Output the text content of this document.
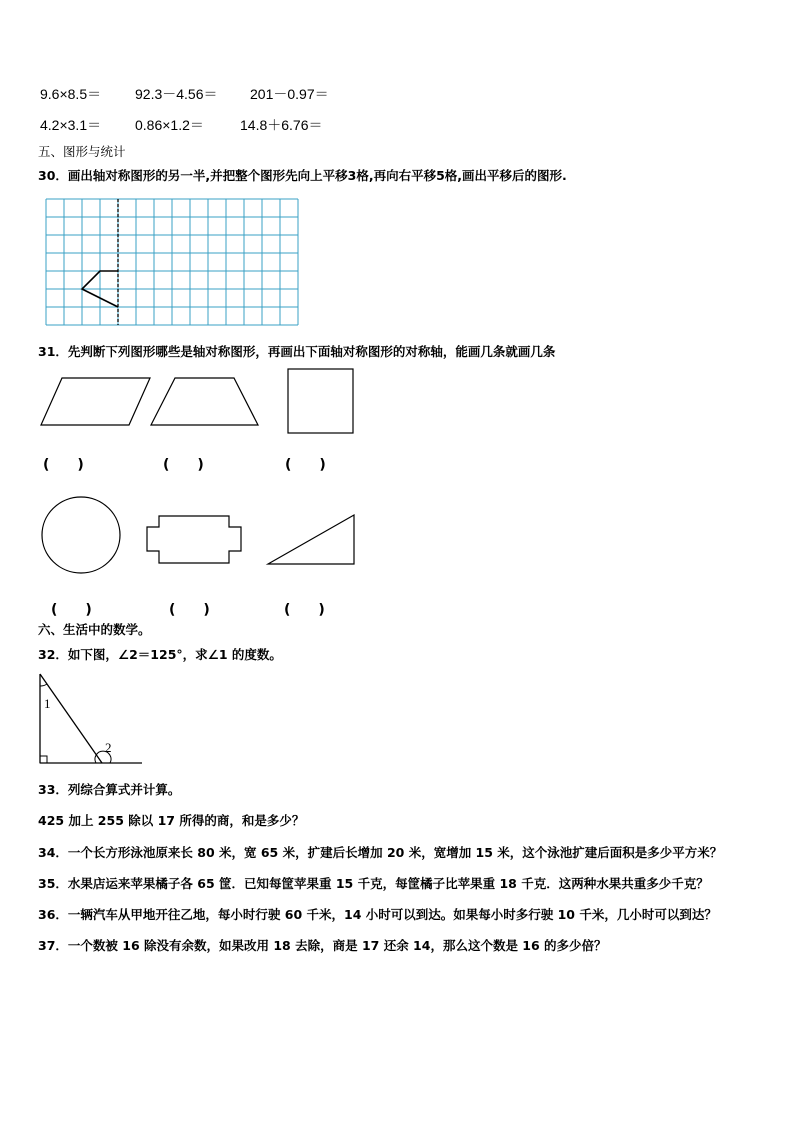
9.6×8.5＝ 92.3－4.56＝ 201－0.97＝
4.2×3.1＝ 0.86×1.2＝	14.8＋6.76＝
五、图形与统计
30．画出轴对称图形的另一半,并把整个图形先向上平移3格,再向右平移5格,画出平移后的图形.
31．先判断下列图形哪些是轴对称图形，再画出下面轴对称图形的对称轴，能画几条就画几条
(　　)	(　　)	(　　)
(　　)	(　　)	(　　)
六、生活中的数学。
32．如下图，∠2＝125°，求∠1 的度数。
1
2
33．列综合算式并计算。
425 加上 255 除以 17 所得的商，和是多少？
34．一个长方形泳池原来长 80 米，宽 65 米，扩建后长增加 20 米，宽增加 15 米，这个泳池扩建后面积是多少平方米？
35．水果店运来苹果橘子各 65 筐．已知每筐苹果重 15 千克，每筐橘子比苹果重 18 千克．这两种水果共重多少千克？
36．一辆汽车从甲地开往乙地，每小时行驶 60 千米，14 小时可以到达。如果每小时多行驶 10 千米，几小时可以到达？
37．一个数被 16 除没有余数，如果改用 18 去除，商是 17 还余 14，那么这个数是 16 的多少倍？
